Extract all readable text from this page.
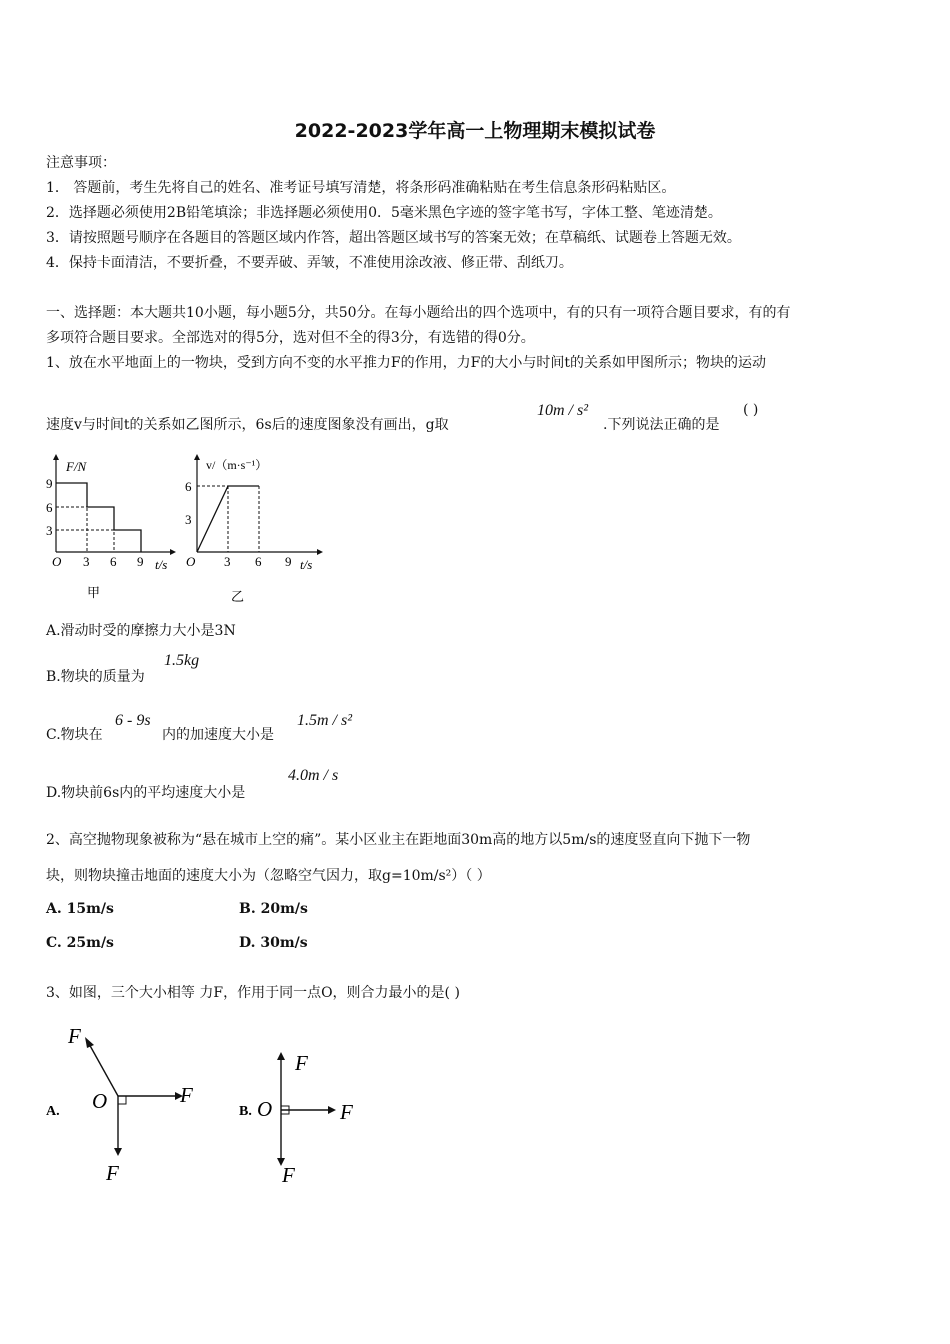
2022-2023学年高一上物理期末模拟试卷
注意事项：
1． 答题前，考生先将自己的姓名、准考证号填写清楚，将条形码准确粘贴在考生信息条形码粘贴区。
2．选择题必须使用2B铅笔填涂；非选择题必须使用0．5毫米黑色字迹的签字笔书写，字体工整、笔迹清楚。
3．请按照题号顺序在各题目的答题区域内作答，超出答题区域书写的答案无效；在草稿纸、试题卷上答题无效。
4．保持卡面清洁，不要折叠，不要弄破、弄皱，不准使用涂改液、修正带、刮纸刀。
一、选择题：本大题共10小题，每小题5分，共50分。在每小题给出的四个选项中，有的只有一项符合题目要求，有的有
多项符合题目要求。全部选对的得5分，选对但不全的得3分，有选错的得0分。
1、放在水平地面上的一物块，受到方向不变的水平推力F的作用，力F的大小与时间t的关系如甲图所示；物块的运动
速度v与时间t的关系如乙图所示，6s后的速度图象没有画出，g取
10m / s²
.下列说法正确的是
( )
F/N
9
6
3
O 3 6 9 t/s
甲
v/（m·s⁻¹）
6
3
O 3 6 9 t/s
乙
A.滑动时受的摩擦力大小是3N
B.物块的质量为
1.5kg
C.物块在
6 - 9s
内的加速度大小是
1.5m / s²
D.物块前6s内的平均速度大小是
4.0m / s
2、高空抛物现象被称为“悬在城市上空的痛”。某小区业主在距地面30m高的地方以5m/s的速度竖直向下抛下一物
块，则物块撞击地面的速度大小为（忽略空气因力，取g=10m/s²）（ ）
A. 15m/s	B. 20m/s
C. 25m/s	D. 30m/s
3、如图，三个大小相等 力F，作用于同一点O，则合力最小的是( )
F
F
F
O
A.
F
F
F
O
B.
